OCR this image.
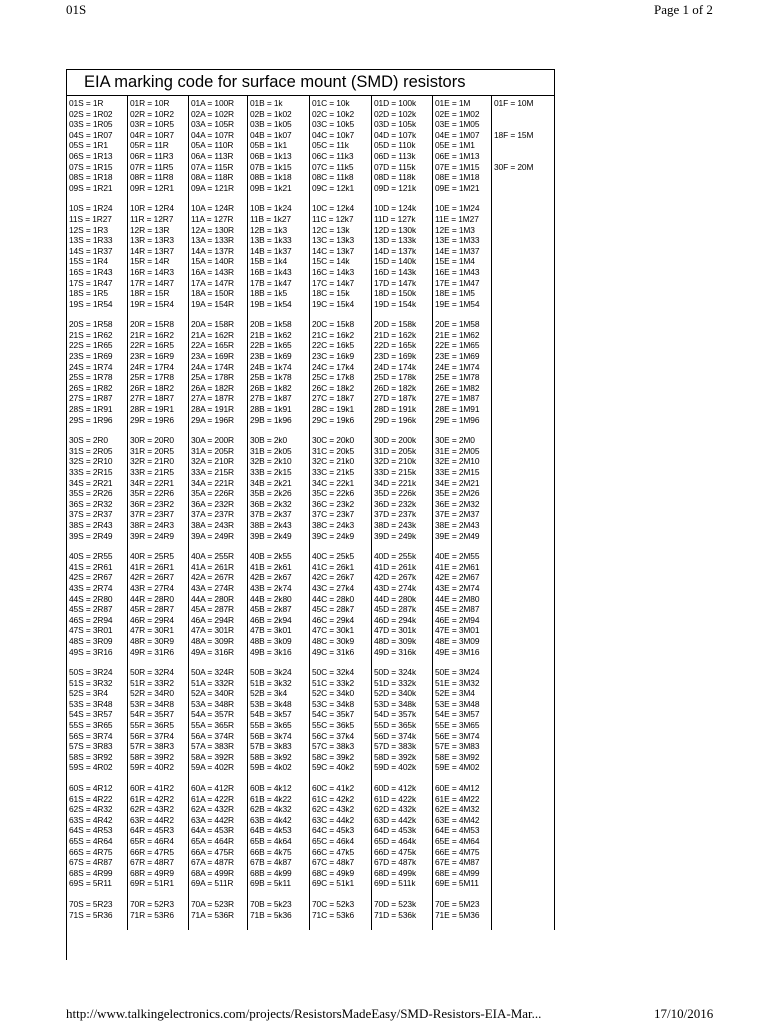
01S	Page 1 of 2
EIA marking code for surface mount (SMD) resistors
01S = 1R
02S = 1R02
03S = 1R05
04S = 1R07
05S = 1R1
06S = 1R13
07S = 1R15
08S = 1R18
09S = 1R21
10S = 1R24
11S = 1R27
12S = 1R3
13S = 1R33
14S = 1R37
15S = 1R4
16S = 1R43
17S = 1R47
18S = 1R5
19S = 1R54
20S = 1R58
21S = 1R62
22S = 1R65
23S = 1R69
24S = 1R74
25S = 1R78
26S = 1R82
27S = 1R87
28S = 1R91
29S = 1R96
30S = 2R0
31S = 2R05
32S = 2R10
33S = 2R15
34S = 2R21
35S = 2R26
36S = 2R32
37S = 2R37
38S = 2R43
39S = 2R49
40S = 2R55
41S = 2R61
42S = 2R67
43S = 2R74
44S = 2R80
45S = 2R87
46S = 2R94
47S = 3R01
48S = 3R09
49S = 3R16
50S = 3R24
51S = 3R32
52S = 3R4
53S = 3R48
54S = 3R57
55S = 3R65
56S = 3R74
57S = 3R83
58S = 3R92
59S = 4R02
60S = 4R12
61S = 4R22
62S = 4R32
63S = 4R42
64S = 4R53
65S = 4R64
66S = 4R75
67S = 4R87
68S = 4R99
69S = 5R11
70S = 5R23
71S = 5R36
01R = 10R
02R = 10R2
03R = 10R5
04R = 10R7
05R = 11R
06R = 11R3
07R = 11R5
08R = 11R8
09R = 12R1
10R = 12R4
11R = 12R7
12R = 13R
13R = 13R3
14R = 13R7
15R = 14R
16R = 14R3
17R = 14R7
18R = 15R
19R = 15R4
20R = 15R8
21R = 16R2
22R = 16R5
23R = 16R9
24R = 17R4
25R = 17R8
26R = 18R2
27R = 18R7
28R = 19R1
29R = 19R6
30R = 20R0
31R = 20R5
32R = 21R0
33R = 21R5
34R = 22R1
35R = 22R6
36R = 23R2
37R = 23R7
38R = 24R3
39R = 24R9
40R = 25R5
41R = 26R1
42R = 26R7
43R = 27R4
44R = 28R0
45R = 28R7
46R = 29R4
47R = 30R1
48R = 30R9
49R = 31R6
50R = 32R4
51R = 33R2
52R = 34R0
53R = 34R8
54R = 35R7
55R = 36R5
56R = 37R4
57R = 38R3
58R = 39R2
59R = 40R2
60R = 41R2
61R = 42R2
62R = 43R2
63R = 44R2
64R = 45R3
65R = 46R4
66R = 47R5
67R = 48R7
68R = 49R9
69R = 51R1
70R = 52R3
71R = 53R6
01A = 100R
02A = 102R
03A = 105R
04A = 107R
05A = 110R
06A = 113R
07A = 115R
08A = 118R
09A = 121R
10A = 124R
11A = 127R
12A = 130R
13A = 133R
14A = 137R
15A = 140R
16A = 143R
17A = 147R
18A = 150R
19A = 154R
20A = 158R
21A = 162R
22A = 165R
23A = 169R
24A = 174R
25A = 178R
26A = 182R
27A = 187R
28A = 191R
29A = 196R
30A = 200R
31A = 205R
32A = 210R
33A = 215R
34A = 221R
35A = 226R
36A = 232R
37A = 237R
38A = 243R
39A = 249R
40A = 255R
41A = 261R
42A = 267R
43A = 274R
44A = 280R
45A = 287R
46A = 294R
47A = 301R
48A = 309R
49A = 316R
50A = 324R
51A = 332R
52A = 340R
53A = 348R
54A = 357R
55A = 365R
56A = 374R
57A = 383R
58A = 392R
59A = 402R
60A = 412R
61A = 422R
62A = 432R
63A = 442R
64A = 453R
65A = 464R
66A = 475R
67A = 487R
68A = 499R
69A = 511R
70A = 523R
71A = 536R
01B = 1k
02B = 1k02
03B = 1k05
04B = 1k07
05B = 1k1
06B = 1k13
07B = 1k15
08B = 1k18
09B = 1k21
10B = 1k24
11B = 1k27
12B = 1k3
13B = 1k33
14B = 1k37
15B = 1k4
16B = 1k43
17B = 1k47
18B = 1k5
19B = 1k54
20B = 1k58
21B = 1k62
22B = 1k65
23B = 1k69
24B = 1k74
25B = 1k78
26B = 1k82
27B = 1k87
28B = 1k91
29B = 1k96
30B = 2k0
31B = 2k05
32B = 2k10
33B = 2k15
34B = 2k21
35B = 2k26
36B = 2k32
37B = 2k37
38B = 2k43
39B = 2k49
40B = 2k55
41B = 2k61
42B = 2k67
43B = 2k74
44B = 2k80
45B = 2k87
46B = 2k94
47B = 3k01
48B = 3k09
49B = 3k16
50B = 3k24
51B = 3k32
52B = 3k4
53B = 3k48
54B = 3k57
55B = 3k65
56B = 3k74
57B = 3k83
58B = 3k92
59B = 4k02
60B = 4k12
61B = 4k22
62B = 4k32
63B = 4k42
64B = 4k53
65B = 4k64
66B = 4k75
67B = 4k87
68B = 4k99
69B = 5k11
70B = 5k23
71B = 5k36
01C = 10k
02C = 10k2
03C = 10k5
04C = 10k7
05C = 11k
06C = 11k3
07C = 11k5
08C = 11k8
09C = 12k1
10C = 12k4
11C = 12k7
12C = 13k
13C = 13k3
14C = 13k7
15C = 14k
16C = 14k3
17C = 14k7
18C = 15k
19C = 15k4
20C = 15k8
21C = 16k2
22C = 16k5
23C = 16k9
24C = 17k4
25C = 17k8
26C = 18k2
27C = 18k7
28C = 19k1
29C = 19k6
30C = 20k0
31C = 20k5
32C = 21k0
33C = 21k5
34C = 22k1
35C = 22k6
36C = 23k2
37C = 23k7
38C = 24k3
39C = 24k9
40C = 25k5
41C = 26k1
42C = 26k7
43C = 27k4
44C = 28k0
45C = 28k7
46C = 29k4
47C = 30k1
48C = 30k9
49C = 31k6
50C = 32k4
51C = 33k2
52C = 34k0
53C = 34k8
54C = 35k7
55C = 36k5
56C = 37k4
57C = 38k3
58C = 39k2
59C = 40k2
60C = 41k2
61C = 42k2
62C = 43k2
63C = 44k2
64C = 45k3
65C = 46k4
66C = 47k5
67C = 48k7
68C = 49k9
69C = 51k1
70C = 52k3
71C = 53k6
01D = 100k
02D = 102k
03D = 105k
04D = 107k
05D = 110k
06D = 113k
07D = 115k
08D = 118k
09D = 121k
10D = 124k
11D = 127k
12D = 130k
13D = 133k
14D = 137k
15D = 140k
16D = 143k
17D = 147k
18D = 150k
19D = 154k
20D = 158k
21D = 162k
22D = 165k
23D = 169k
24D = 174k
25D = 178k
26D = 182k
27D = 187k
28D = 191k
29D = 196k
30D = 200k
31D = 205k
32D = 210k
33D = 215k
34D = 221k
35D = 226k
36D = 232k
37D = 237k
38D = 243k
39D = 249k
40D = 255k
41D = 261k
42D = 267k
43D = 274k
44D = 280k
45D = 287k
46D = 294k
47D = 301k
48D = 309k
49D = 316k
50D = 324k
51D = 332k
52D = 340k
53D = 348k
54D = 357k
55D = 365k
56D = 374k
57D = 383k
58D = 392k
59D = 402k
60D = 412k
61D = 422k
62D = 432k
63D = 442k
64D = 453k
65D = 464k
66D = 475k
67D = 487k
68D = 499k
69D = 511k
70D = 523k
71D = 536k
01E = 1M
02E = 1M02
03E = 1M05
04E = 1M07
05E = 1M1
06E = 1M13
07E = 1M15
08E = 1M18
09E = 1M21
10E = 1M24
11E = 1M27
12E = 1M3
13E = 1M33
14E = 1M37
15E = 1M4
16E = 1M43
17E = 1M47
18E = 1M5
19E = 1M54
20E = 1M58
21E = 1M62
22E = 1M65
23E = 1M69
24E = 1M74
25E = 1M78
26E = 1M82
27E = 1M87
28E = 1M91
29E = 1M96
30E = 2M0
31E = 2M05
32E = 2M10
33E = 2M15
34E = 2M21
35E = 2M26
36E = 2M32
37E = 2M37
38E = 2M43
39E = 2M49
40E = 2M55
41E = 2M61
42E = 2M67
43E = 2M74
44E = 2M80
45E = 2M87
46E = 2M94
47E = 3M01
48E = 3M09
49E = 3M16
50E = 3M24
51E = 3M32
52E = 3M4
53E = 3M48
54E = 3M57
55E = 3M65
56E = 3M74
57E = 3M83
58E = 3M92
59E = 4M02
60E = 4M12
61E = 4M22
62E = 4M32
63E = 4M42
64E = 4M53
65E = 4M64
66E = 4M75
67E = 4M87
68E = 4M99
69E = 5M11
70E = 5M23
71E = 5M36
01F = 10M
18F = 15M
30F = 20M
http://www.talkingelectronics.com/projects/ResistorsMadeEasy/SMD-Resistors-EIA-Mar...	17/10/2016
